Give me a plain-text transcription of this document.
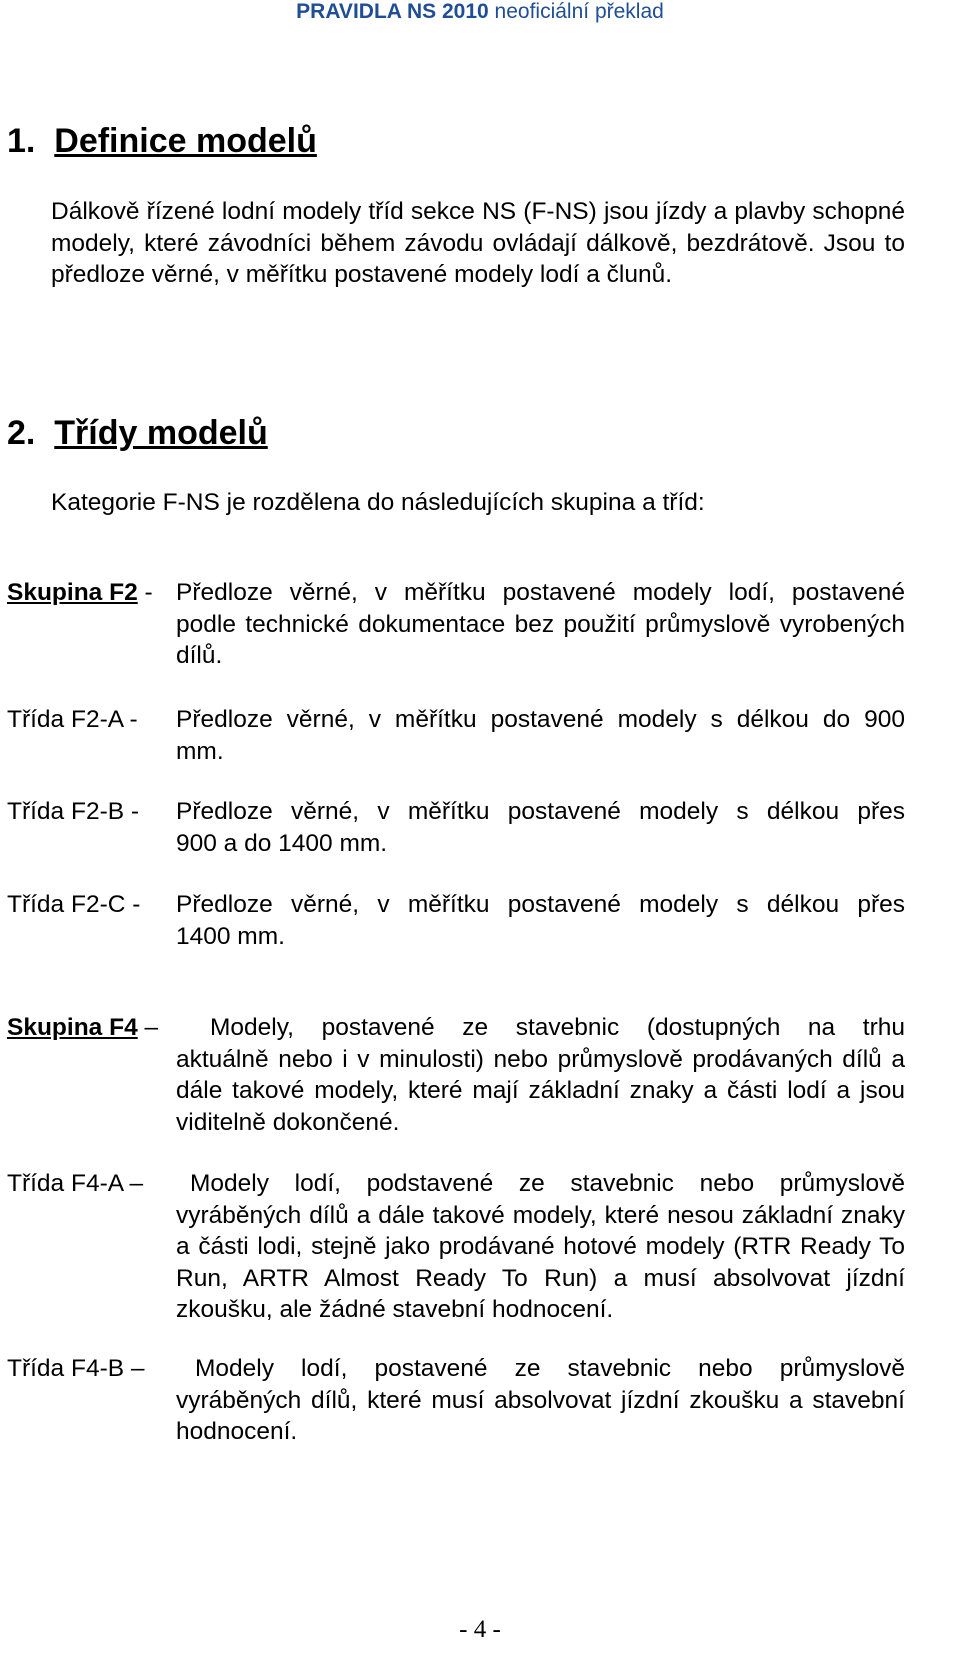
PRAVIDLA NS 2010 neoficiální překlad
1. Definice modelů
Dálkově řízené lodní modely tříd sekce NS (F-NS) jsou jízdy a plavby schopné modely, které závodníci během závodu ovládají dálkově, bezdrátově. Jsou to předloze věrné, v měřítku postavené modely lodí a člunů.
2. Třídy modelů
Kategorie F-NS je rozdělena do následujících skupina a tříd:
Skupina F2 - Předloze věrné, v měřítku postavené modely lodí, postavené
podle technické dokumentace bez použití průmyslově vyrobených dílů.
Třída F2-A - Předloze věrné, v měřítku postavené modely s délkou do 900
mm.
Třída F2-B - Předloze věrné, v měřítku postavené modely s délkou přes
900 a do 1400 mm.
Třída F2-C - Předloze věrné, v měřítku postavené modely s délkou přes
1400 mm.
Skupina F4 –	Modely, postavené ze stavebnic (dostupných na trhu
aktuálně nebo i v minulosti) nebo průmyslově prodávaných dílů a dále takové modely, které mají základní znaky a části lodí a jsou viditelně dokončené.
Třída F4-A –	Modely lodí, podstavené ze stavebnic nebo průmyslově
vyráběných dílů a dále takové modely, které nesou základní znaky a části lodi, stejně jako prodávané hotové modely (RTR Ready To Run, ARTR Almost Ready To Run) a musí absolvovat jízdní zkoušku, ale žádné stavební hodnocení.
Třída F4-B –	Modely lodí, postavené ze stavebnic nebo průmyslově
vyráběných dílů, které musí absolvovat jízdní zkoušku a stavební hodnocení.
- 4 -
